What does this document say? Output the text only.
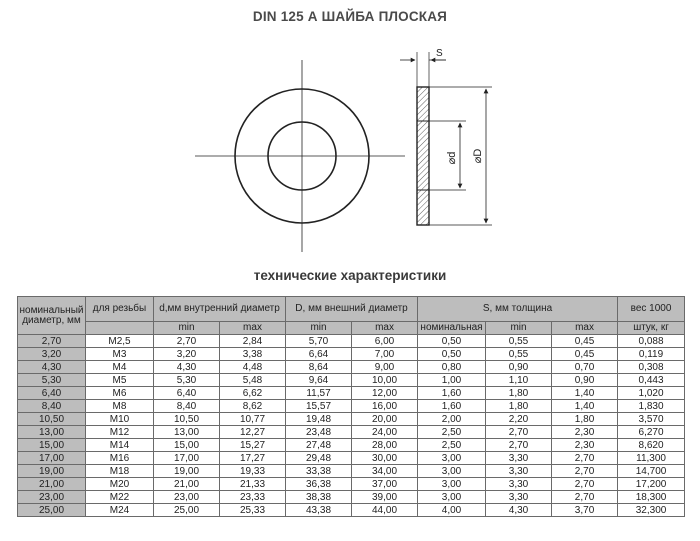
DIN 125 А ШАЙБА ПЛОСКАЯ
S
⌀d ⌀D
технические характеристики
номинальный диаметр, мм	для резьбы	d,мм внутренний диаметр		D, мм внешний диаметр		S, мм толщина			вес 1000
		min	max	min	max	номинальная	min	max	штук, кг
2,70	M2,5	2,70	2,84	5,70	6,00	0,50	0,55	0,45	0,088
3,20	M3	3,20	3,38	6,64	7,00	0,50	0,55	0,45	0,119
4,30	M4	4,30	4,48	8,64	9,00	0,80	0,90	0,70	0,308
5,30	M5	5,30	5,48	9,64	10,00	1,00	1,10	0,90	0,443
6,40	M6	6,40	6,62	11,57	12,00	1,60	1,80	1,40	1,020
8,40	M8	8,40	8,62	15,57	16,00	1,60	1,80	1,40	1,830
10,50	M10	10,50	10,77	19,48	20,00	2,00	2,20	1,80	3,570
13,00	M12	13,00	12,27	23,48	24,00	2,50	2,70	2,30	6,270
15,00	M14	15,00	15,27	27,48	28,00	2,50	2,70	2,30	8,620
17,00	M16	17,00	17,27	29,48	30,00	3,00	3,30	2,70	11,300
19,00	M18	19,00	19,33	33,38	34,00	3,00	3,30	2,70	14,700
21,00	M20	21,00	21,33	36,38	37,00	3,00	3,30	2,70	17,200
23,00	M22	23,00	23,33	38,38	39,00	3,00	3,30	2,70	18,300
25,00	M24	25,00	25,33	43,38	44,00	4,00	4,30	3,70	32,300
